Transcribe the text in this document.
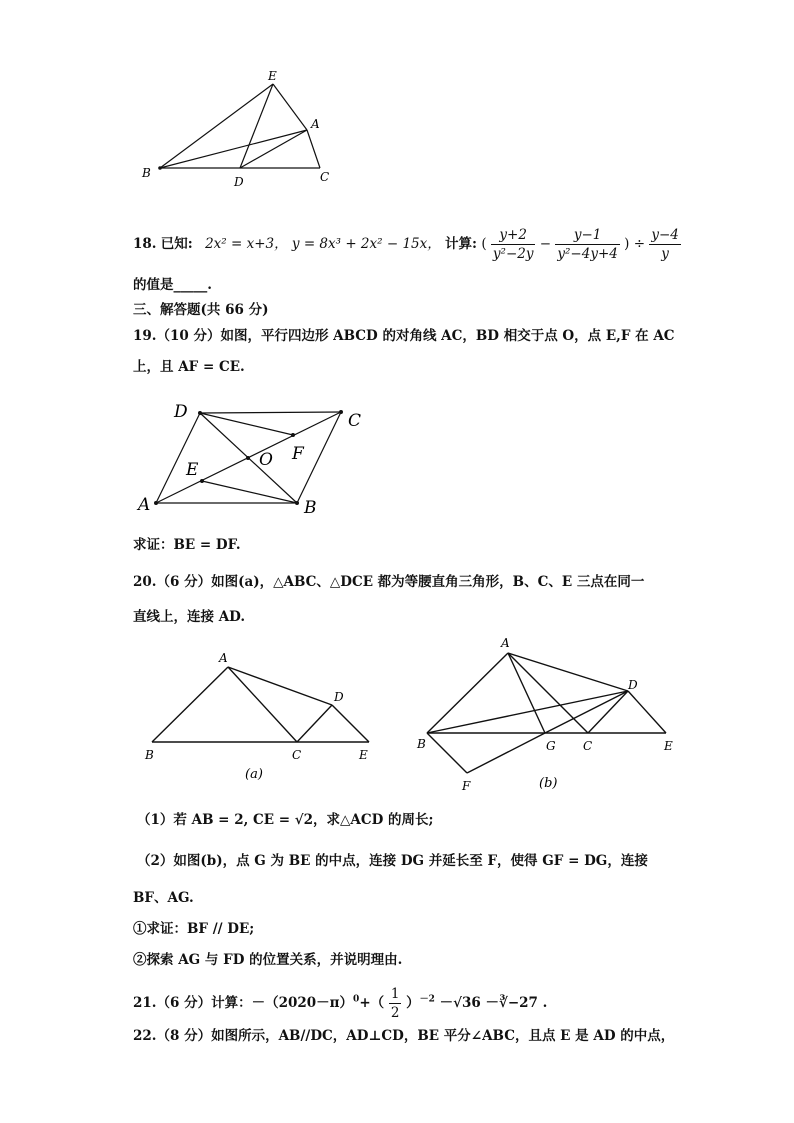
E
A
B
D	C
18. 已知: 2x² = x+3， y = 8x³ + 2x² − 15x， 计算: ( $\frac{y+2}{\text{y²−2y}} - \frac{y-1}{\text{y²−4y+4}}$ ) ÷ $\frac{y-4}{y}$
的值是_____.
三、解答题(共 66 分)
19.（10 分）如图，平行四边形 ABCD 的对角线 AC，BD 相交于点 O，点 E,F 在 AC
上，且 AF = CE.
D	C
E	O F
A	B
求证：BE = DF.
20.（6 分）如图(a)，△ABC、△DCE 都为等腰直角三角形，B、C、E 三点在同一
直线上，连接 AD.
A
D
B	C	E
(a)
A
D
B	G C	E
F	(b)
（1）若 AB = 2, CE = √2，求△ACD 的周长;
（2）如图(b)，点 G 为 BE 的中点，连接 DG 并延长至 F，使得 GF = DG，连接
BF、AG.
①求证：BF // DE;
②探索 AG 与 FD 的位置关系，并说明理由.
21.（6 分）计算：$-(2020-\pi)^0+( \frac{1}{2} )^{-2} -√36$ －∛−27 .
22.（8 分）如图所示，AB//DC，AD⊥CD，BE 平分∠ABC，且点 E 是 AD 的中点，
